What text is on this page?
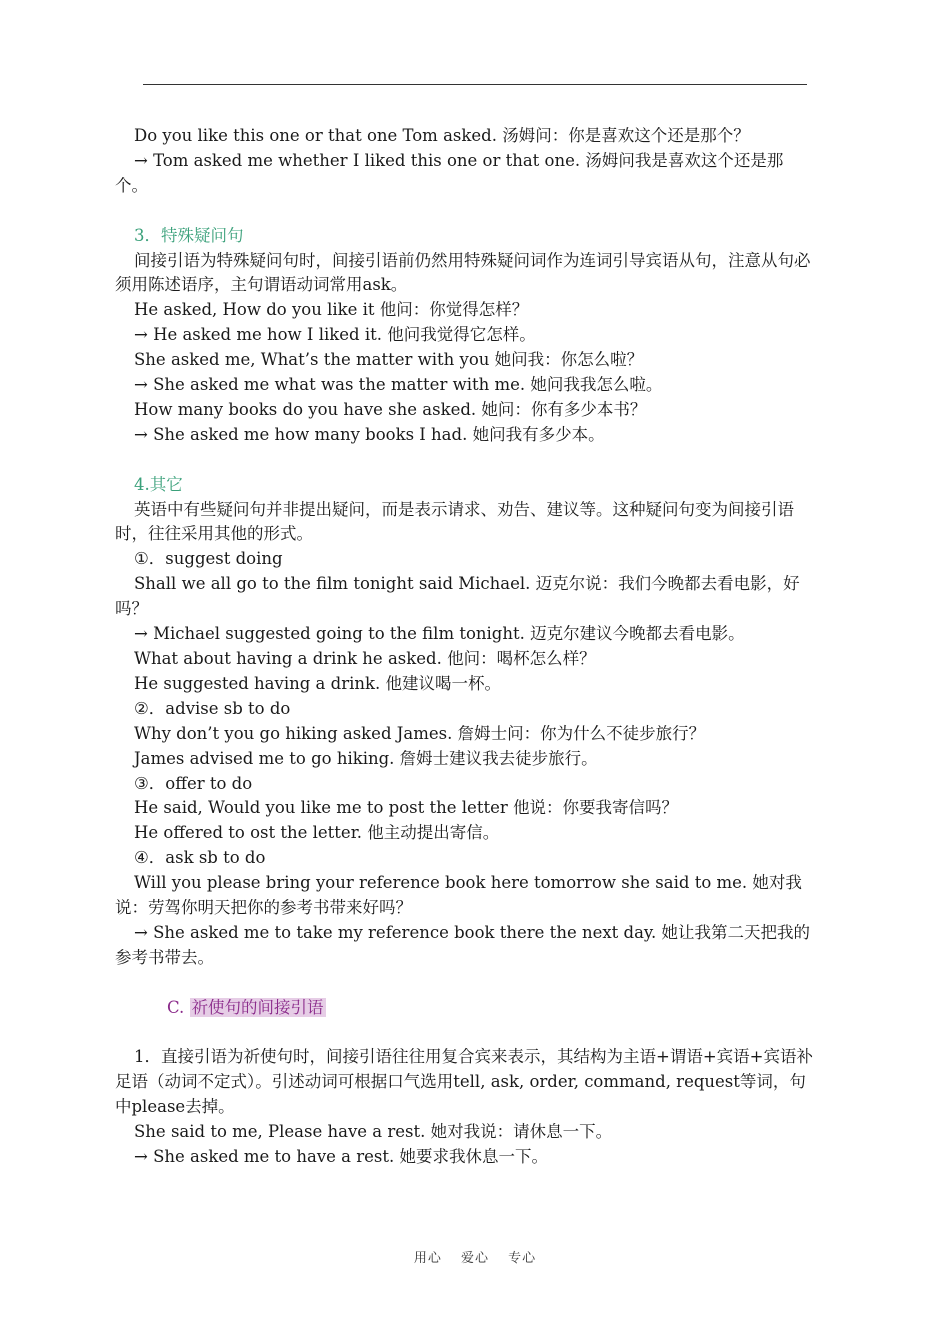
Do you like this one or that one Tom asked. 汤姆问：你是喜欢这个还是那个？

→ Tom asked me whether I liked this one or that one. 汤姆问我是喜欢这个还是那个。

3．特殊疑问句

间接引语为特殊疑问句时，间接引语前仍然用特殊疑问词作为连词引导宾语从句，注意从句必须用陈述语序，主句谓语动词常用ask。

He asked, How do you like it 他问：你觉得怎样？

→ He asked me how I liked it. 他问我觉得它怎样。

She asked me, What’s the matter with you 她问我：你怎么啦？

→ She asked me what was the matter with me. 她问我我怎么啦。

How many books do you have she asked. 她问：你有多少本书？

→ She asked me how many books I had. 她问我有多少本。

4.其它

英语中有些疑问句并非提出疑问，而是表示请求、劝告、建议等。这种疑问句变为间接引语时，往往采用其他的形式。

①．suggest doing

Shall we all go to the film tonight said Michael. 迈克尔说：我们今晚都去看电影，好吗？

→ Michael suggested going to the film tonight. 迈克尔建议今晚都去看电影。

What about having a drink he asked. 他问：喝杯怎么样？

He suggested having a drink. 他建议喝一杯。

②．advise sb to do

Why don’t you go hiking asked James. 詹姆士问：你为什么不徒步旅行？

James advised me to go hiking. 詹姆士建议我去徒步旅行。

③．offer to do

He said, Would you like me to post the letter 他说：你要我寄信吗？

He offered to ost the letter. 他主动提出寄信。

④．ask sb to do

Will you please bring your reference book here tomorrow she said to me. 她对我说：劳驾你明天把你的参考书带来好吗？

→ She asked me to take my reference book there the next day. 她让我第二天把我的参考书带去。

C. 祈使句的间接引语

1．直接引语为祈使句时，间接引语往往用复合宾来表示，其结构为主语+谓语+宾语+宾语补足语（动词不定式）。引述动词可根据口气选用tell, ask, order, command, request等词，句中please去掉。

She said to me, Please have a rest. 她对我说：请休息一下。

→ She asked me to have a rest. 她要求我休息一下。

用心 爱心 专心
